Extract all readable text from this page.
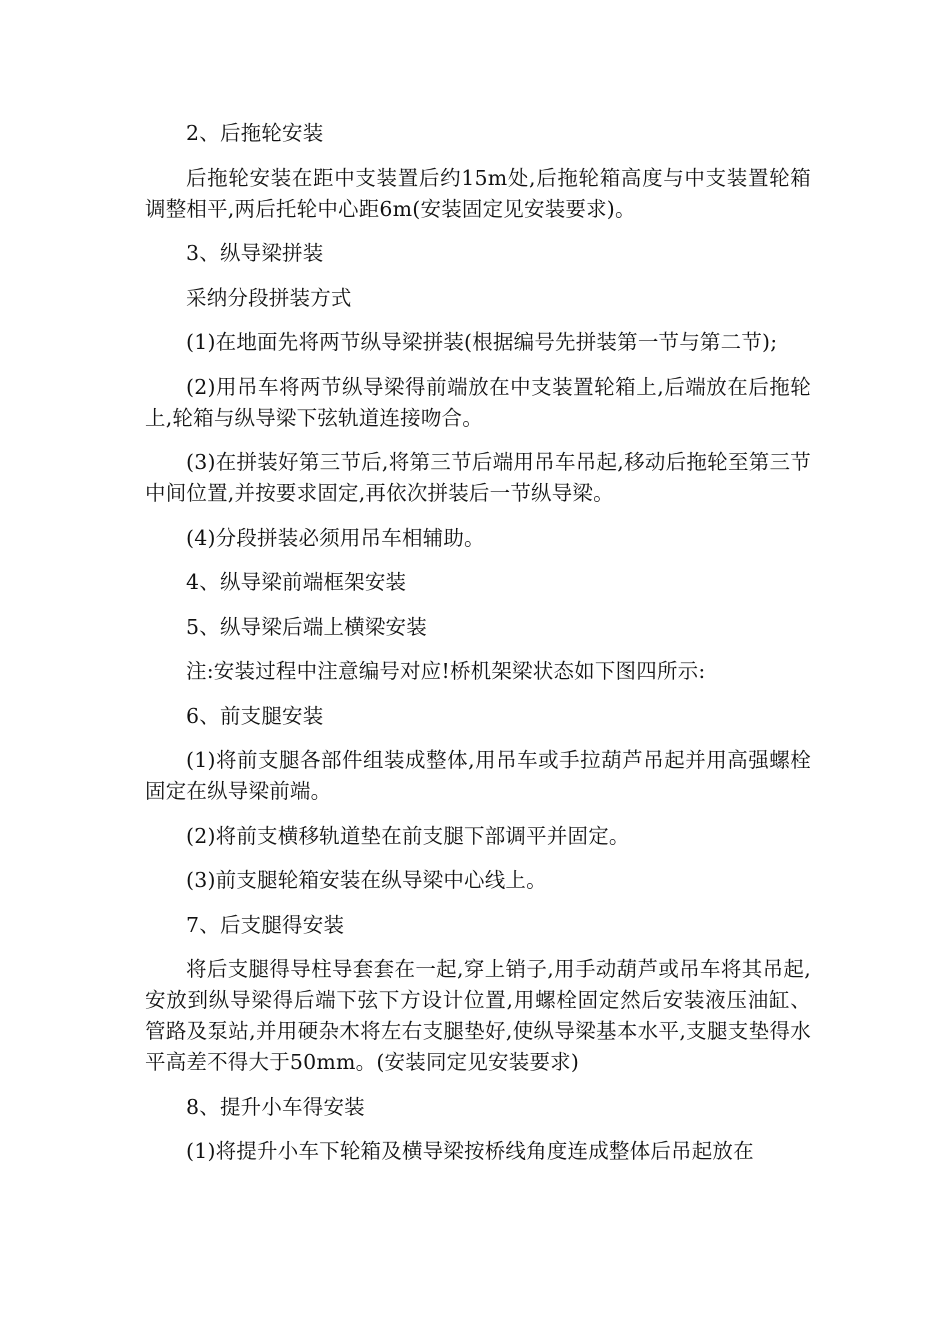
2、后拖轮安装

后拖轮安装在距中支装置后约15m处,后拖轮箱高度与中支装置轮箱调整相平,两后托轮中心距6m(安装固定见安装要求)。

3、纵导梁拼装

采纳分段拼装方式

(1)在地面先将两节纵导梁拼装(根据编号先拼装第一节与第二节);

(2)用吊车将两节纵导梁得前端放在中支装置轮箱上,后端放在后拖轮上,轮箱与纵导梁下弦轨道连接吻合。

(3)在拼装好第三节后,将第三节后端用吊车吊起,移动后拖轮至第三节中间位置,并按要求固定,再依次拼装后一节纵导梁。

(4)分段拼装必须用吊车相辅助。

4、纵导梁前端框架安装

5、纵导梁后端上横梁安装

注:安装过程中注意编号对应!桥机架梁状态如下图四所示:

6、前支腿安装

(1)将前支腿各部件组装成整体,用吊车或手拉葫芦吊起并用高强螺栓固定在纵导梁前端。

(2)将前支横移轨道垫在前支腿下部调平并固定。

(3)前支腿轮箱安装在纵导梁中心线上。

7、后支腿得安装

将后支腿得导柱导套套在一起,穿上销子,用手动葫芦或吊车将其吊起,安放到纵导梁得后端下弦下方设计位置,用螺栓固定然后安装液压油缸、管路及泵站,并用硬杂木将左右支腿垫好,使纵导梁基本水平,支腿支垫得水平高差不得大于50mm。(安装同定见安装要求)

8、提升小车得安装

(1)将提升小车下轮箱及横导梁按桥线角度连成整体后吊起放在
